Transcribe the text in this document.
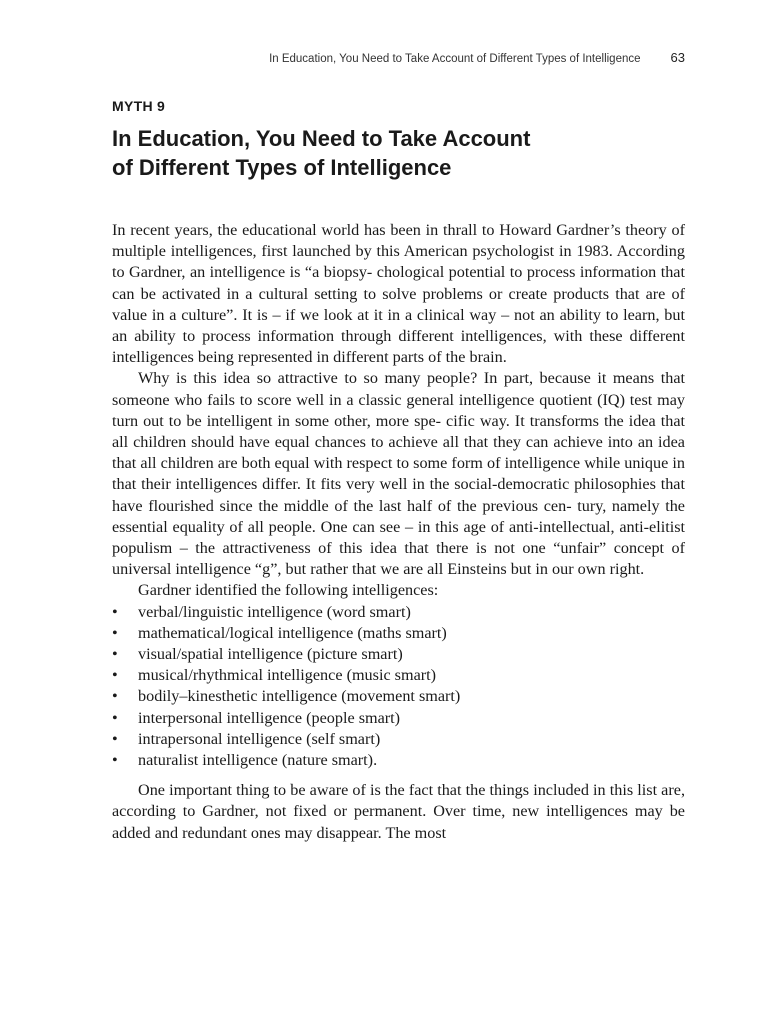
In Education, You Need to Take Account of Different Types of Intelligence 63
MYTH 9
In Education, You Need to Take Account
of Different Types of Intelligence

In recent years, the educational world has been in thrall to Howard Gardner’s theory of multiple intelligences, first launched by this American psychologist in 1983. According to Gardner, an intelligence is “a biopsy- chological potential to process information that can be activated in a cultural setting to solve problems or create products that are of value in a culture”. It is – if we look at it in a clinical way – not an ability to learn, but an ability to process information through different intelligences, with these different intelligences being represented in different parts of the brain.

Why is this idea so attractive to so many people? In part, because it means that someone who fails to score well in a classic general intelligence quotient (IQ) test may turn out to be intelligent in some other, more spe- cific way. It transforms the idea that all children should have equal chances to achieve all that they can achieve into an idea that all children are both equal with respect to some form of intelligence while unique in that their intelligences differ. It fits very well in the social-democratic philosophies that have flourished since the middle of the last half of the previous cen- tury, namely the essential equality of all people. One can see – in this age of anti-intellectual, anti-elitist populism – the attractiveness of this idea that there is not one “unfair” concept of universal intelligence “g”, but rather that we are all Einsteins but in our own right.

Gardner identified the following intelligences:

• verbal/linguistic intelligence (word smart)
• mathematical/logical intelligence (maths smart)
• visual/spatial intelligence (picture smart)
• musical/rhythmical intelligence (music smart)
• bodily–kinesthetic intelligence (movement smart)
• interpersonal intelligence (people smart)
• intrapersonal intelligence (self smart)
• naturalist intelligence (nature smart).

One important thing to be aware of is the fact that the things included in this list are, according to Gardner, not fixed or permanent. Over time, new intelligences may be added and redundant ones may disappear. The most
